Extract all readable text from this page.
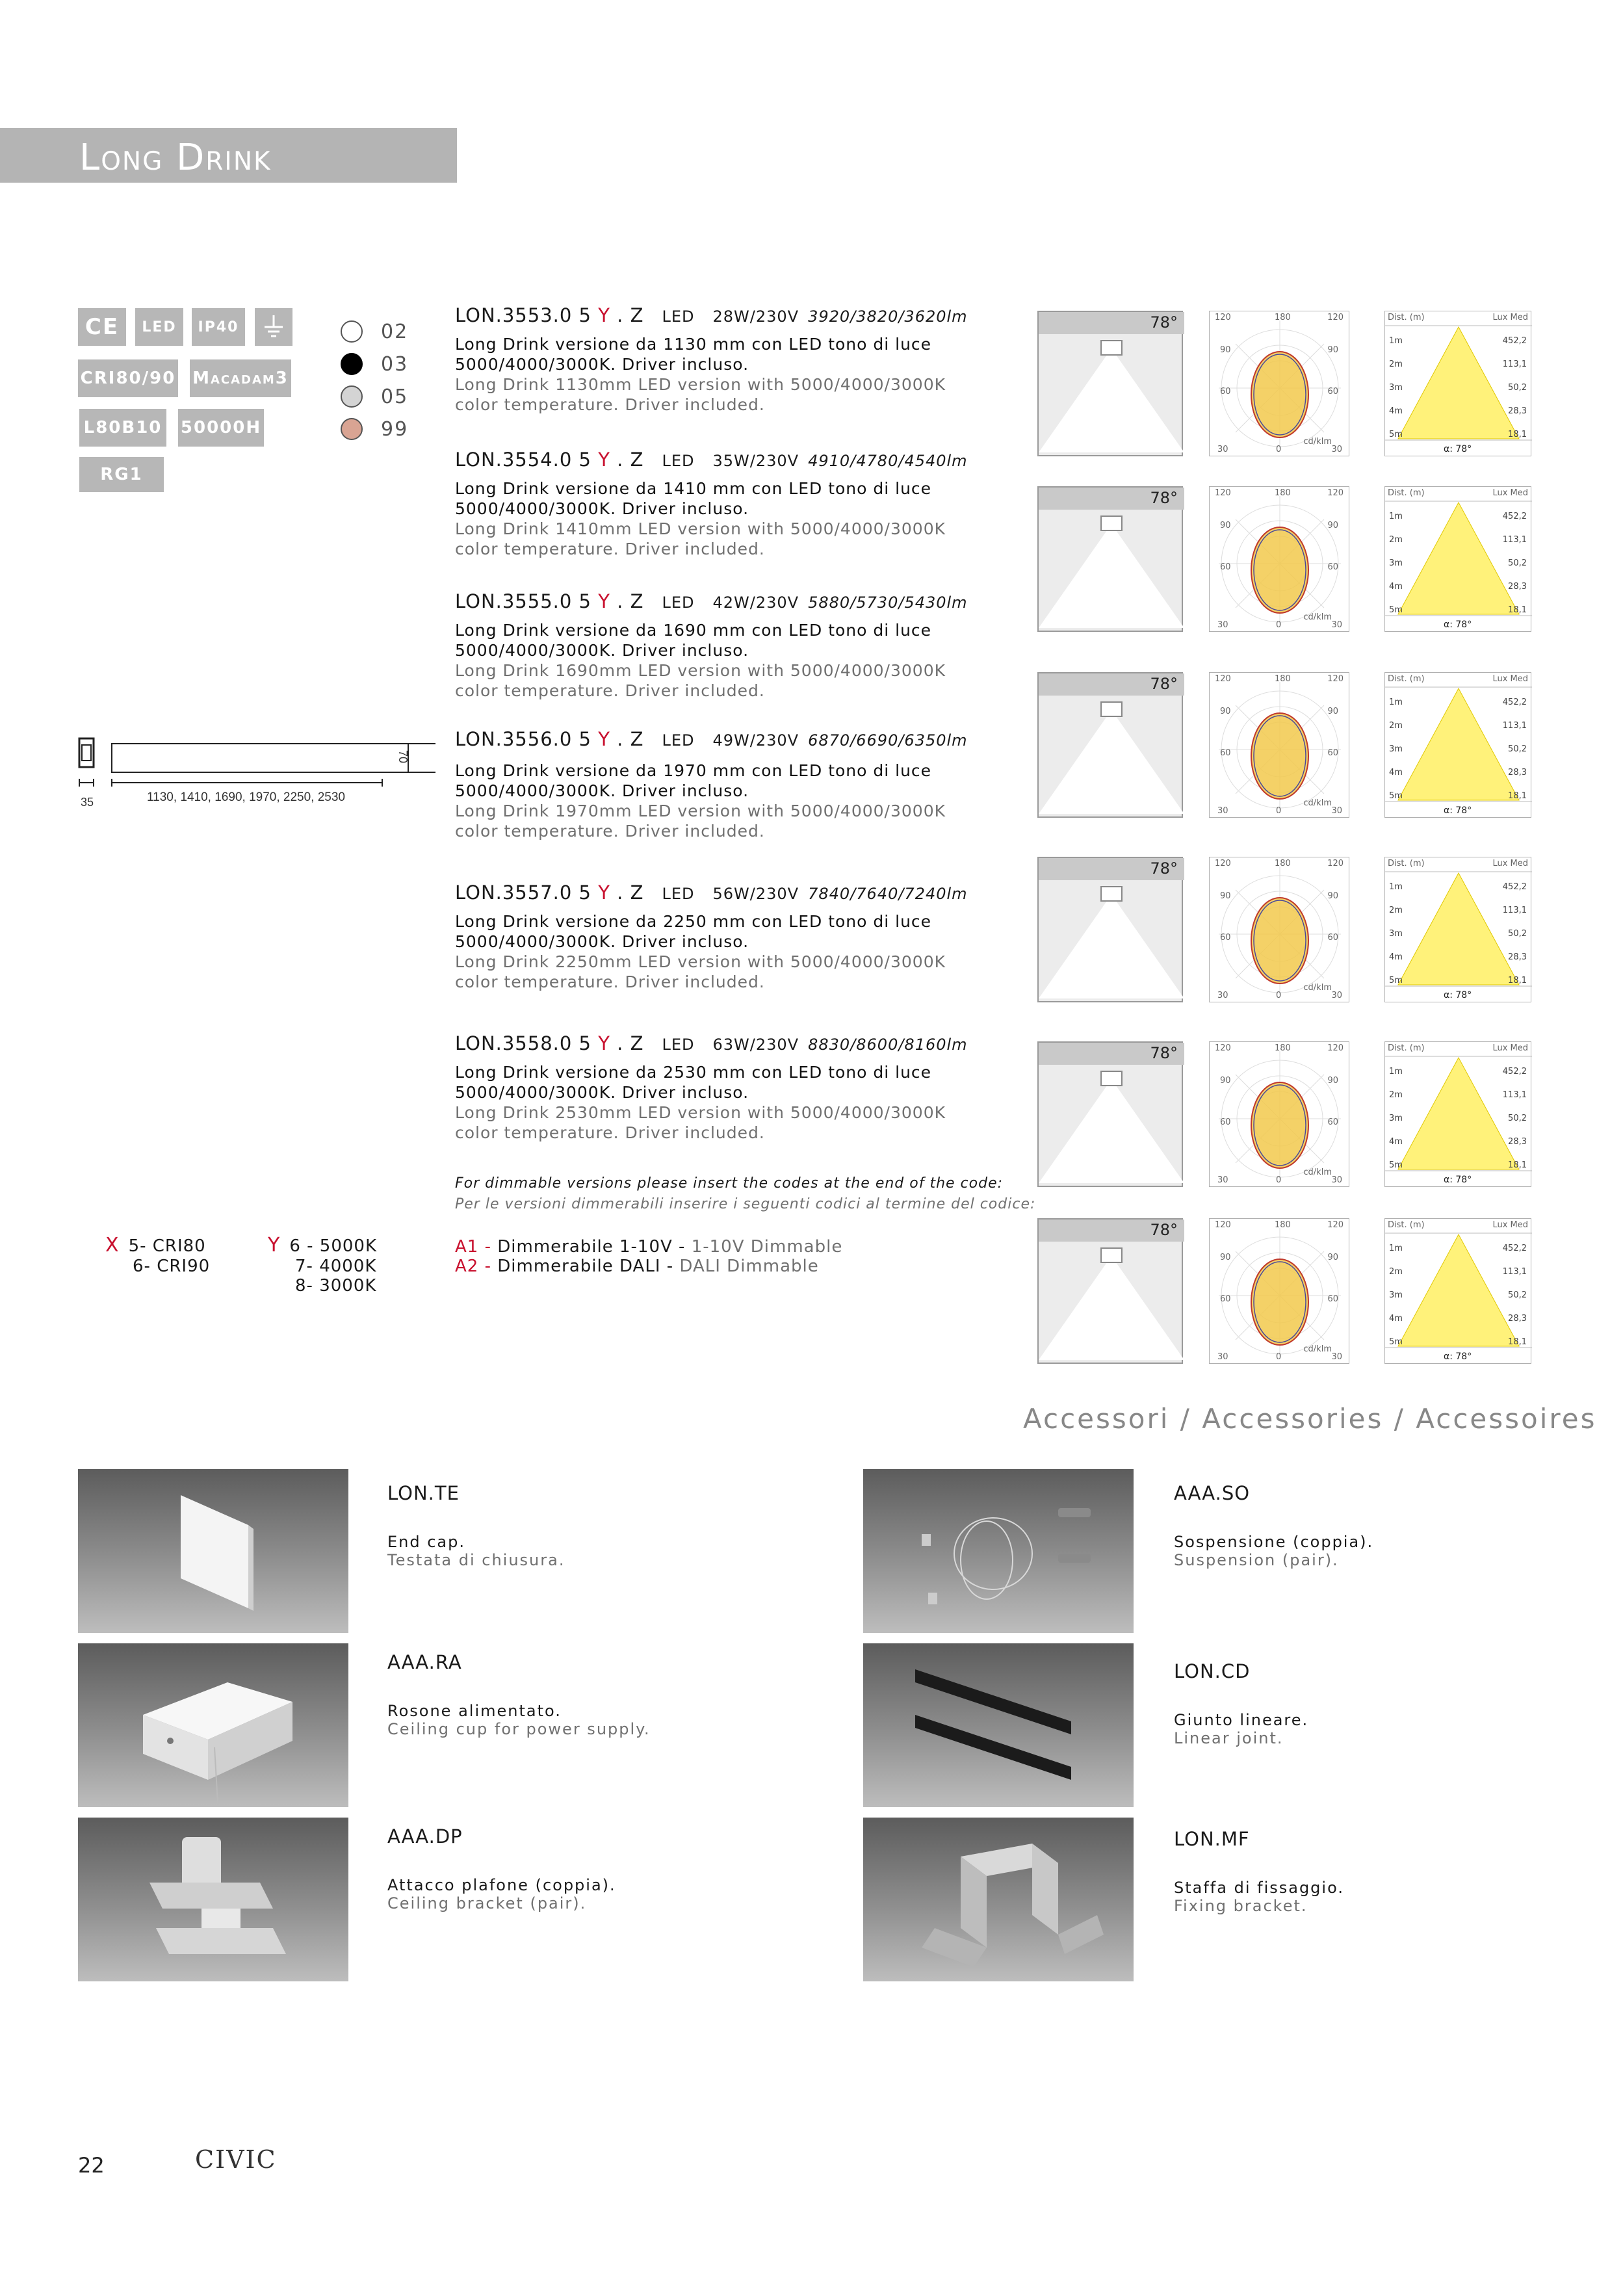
Long Drink
CE	LED	IP40
CRI80/90 Macadam3
L80B10 50000H
RG1
02
03
05
99
35	1130, 1410, 1690, 1970, 2250, 2530
70
LON.3553.0 5 Y . Z LED 28W/230V 3920/3820/3620lm
Long Drink versione da 1130 mm con LED tono di luce
5000/4000/3000K. Driver incluso.
Long Drink 1130mm LED version with 5000/4000/3000K
color temperature. Driver included.
LON.3554.0 5 Y . Z LED 35W/230V 4910/4780/4540lm
Long Drink versione da 1410 mm con LED tono di luce
5000/4000/3000K. Driver incluso.
Long Drink 1410mm LED version with 5000/4000/3000K
color temperature. Driver included.
LON.3555.0 5 Y . Z LED 42W/230V 5880/5730/5430lm
Long Drink versione da 1690 mm con LED tono di luce
5000/4000/3000K. Driver incluso.
Long Drink 1690mm LED version with 5000/4000/3000K
color temperature. Driver included.
LON.3556.0 5 Y . Z LED 49W/230V 6870/6690/6350lm
Long Drink versione da 1970 mm con LED tono di luce
5000/4000/3000K. Driver incluso.
Long Drink 1970mm LED version with 5000/4000/3000K
color temperature. Driver included.
LON.3557.0 5 Y . Z LED 56W/230V 7840/7640/7240lm
Long Drink versione da 2250 mm con LED tono di luce
5000/4000/3000K. Driver incluso.
Long Drink 2250mm LED version with 5000/4000/3000K
color temperature. Driver included.
LON.3558.0 5 Y . Z LED 63W/230V 8830/8600/8160lm
Long Drink versione da 2530 mm con LED tono di luce
5000/4000/3000K. Driver incluso.
Long Drink 2530mm LED version with 5000/4000/3000K
color temperature. Driver included.
For dimmable versions please insert the codes at the end of the code:
Per le versioni dimmerabili inserire i seguenti codici al termine del codice:
X 5- CRI80
6- CRI90
Y 6 - 5000K
7- 4000K
8- 3000K
A1 - Dimmerabile 1-10V - 1-10V Dimmable
A2 - Dimmerabile DALI - DALI Dimmable
78°	120	180	120
90	90
60	60
30	0	30
cd/klm
Dist. (m)	Lux Med
1m	452,2
2m	113,1
3m	50,2
4m	28,3
5m	18,1
α: 78°
78°	120	180	120
90	90
60	60
30	0	30
cd/klm
Dist. (m)	Lux Med
1m	452,2
2m	113,1
3m	50,2
4m	28,3
5m	18,1
α: 78°
78°	120	180	120
90	90
60	60
30	0	30
cd/klm
Dist. (m)	Lux Med
1m	452,2
2m	113,1
3m	50,2
4m	28,3
5m	18,1
α: 78°
78°	120	180	120
90	90
60	60
30	0	30
cd/klm
Dist. (m)	Lux Med
1m	452,2
2m	113,1
3m	50,2
4m	28,3
5m	18,1
α: 78°
78°	120	180	120
90	90
60	60
30	0	30
cd/klm
Dist. (m)	Lux Med
1m	452,2
2m	113,1
3m	50,2
4m	28,3
5m	18,1
α: 78°
78°	120	180	120
90	90
60	60
30	0	30
cd/klm
Dist. (m)	Lux Med
1m	452,2
2m	113,1
3m	50,2
4m	28,3
5m	18,1
α: 78°
Accessori / Accessories / Accessoires
LON.TE
End cap.
Testata di chiusura.
AAA.SO
Sospensione (coppia).
Suspension (pair).
AAA.RA
Rosone alimentato.
Ceiling cup for power supply.
LON.CD
Giunto lineare.
Linear joint.
AAA.DP
Attacco plafone (coppia).
Ceiling bracket (pair).
LON.MF
Staffa di fissaggio.
Fixing bracket.
22	CIVIC
